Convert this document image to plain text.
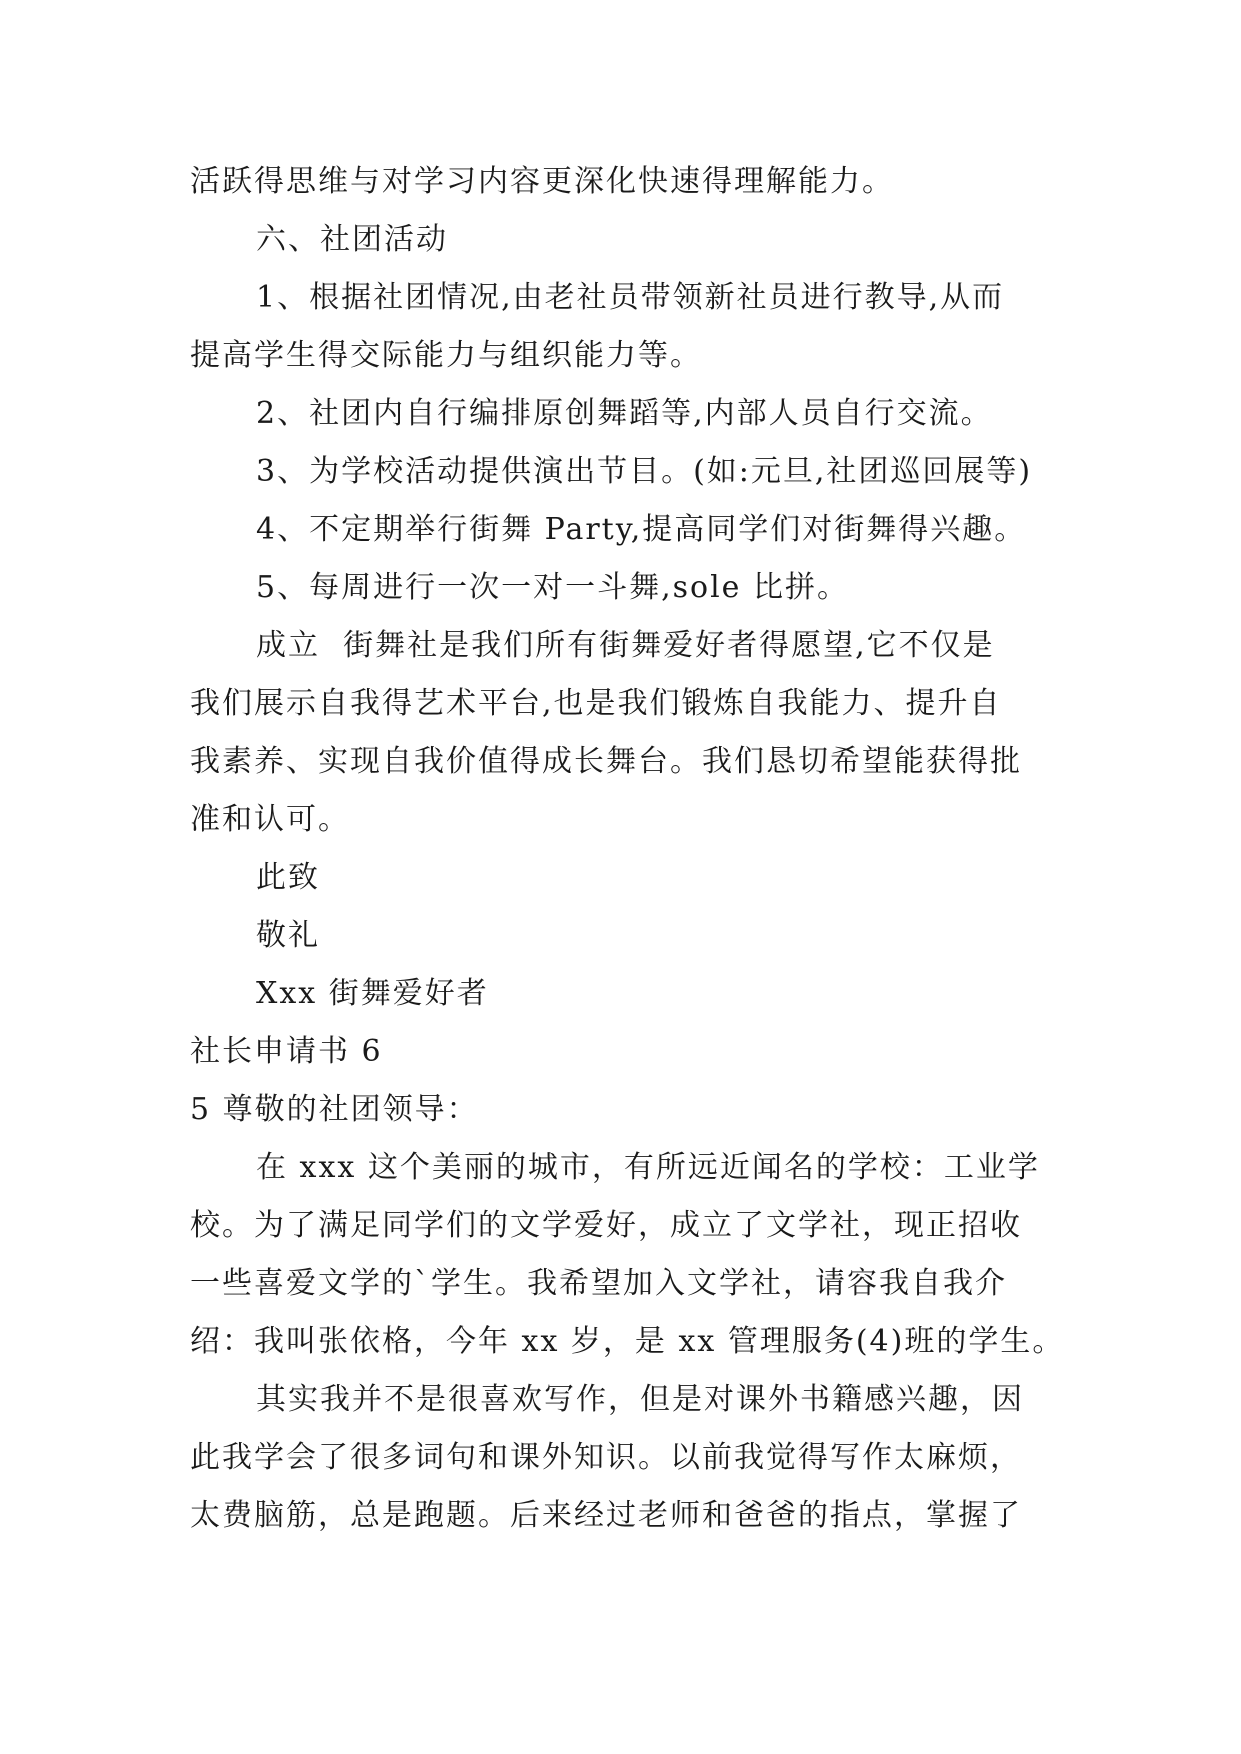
活跃得思维与对学习内容更深化快速得理解能力。
六、社团活动
1、根据社团情况,由老社员带领新社员进行教导,从而
提高学生得交际能力与组织能力等。
2、社团内自行编排原创舞蹈等,内部人员自行交流。
3、为学校活动提供演出节目。(如:元旦,社团巡回展等)
4、不定期举行街舞 Party,提高同学们对街舞得兴趣。
5、每周进行一次一对一斗舞,sole 比拼。
成立  街舞社是我们所有街舞爱好者得愿望,它不仅是
我们展示自我得艺术平台,也是我们锻炼自我能力、提升自
我素养、实现自我价值得成长舞台。我们恳切希望能获得批
准和认可。
此致
敬礼
Xxx 街舞爱好者
社长申请书 6
5 尊敬的社团领导：
在 xxx 这个美丽的城市，有所远近闻名的学校：工业学
校。为了满足同学们的文学爱好，成立了文学社，现正招收
一些喜爱文学的`学生。我希望加入文学社，请容我自我介
绍：我叫张依格，今年 xx 岁，是 xx 管理服务(4)班的学生。
其实我并不是很喜欢写作，但是对课外书籍感兴趣，因
此我学会了很多词句和课外知识。以前我觉得写作太麻烦，
太费脑筋，总是跑题。后来经过老师和爸爸的指点，掌握了
